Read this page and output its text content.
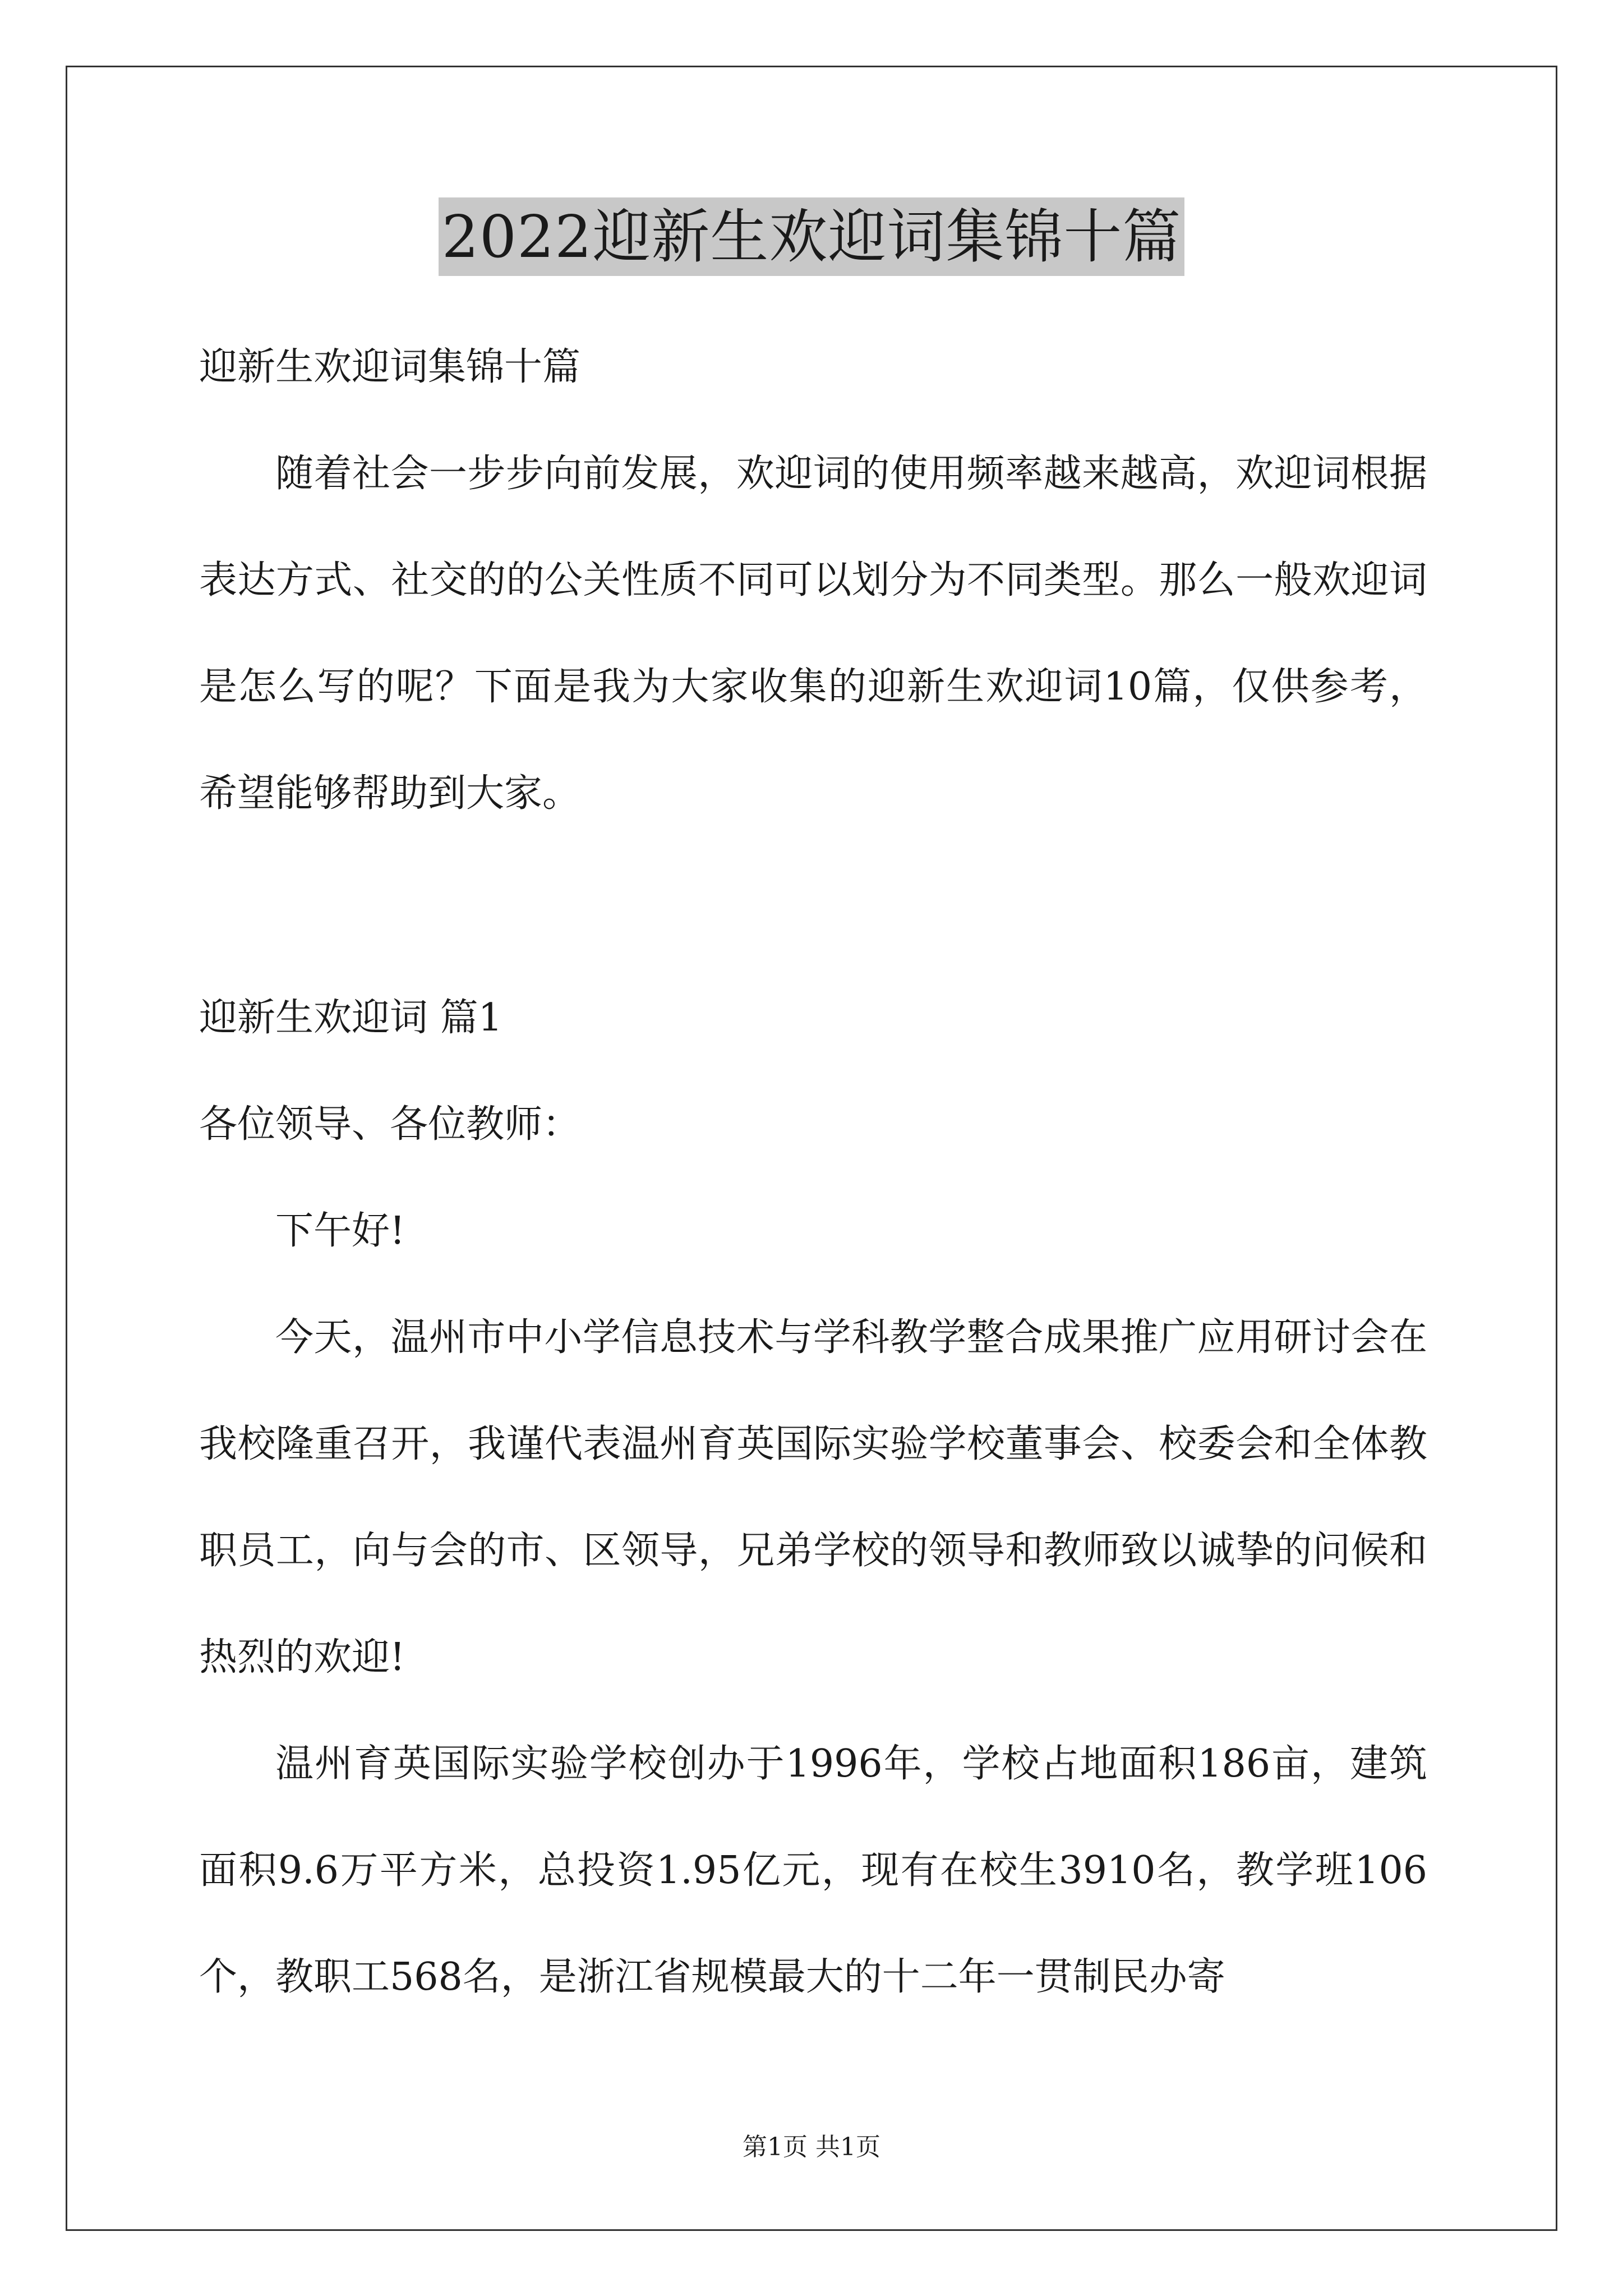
2022迎新生欢迎词集锦十篇

迎新生欢迎词集锦十篇

随着社会一步步向前发展，欢迎词的使用频率越来越高，欢迎词根据表达方式、社交的的公关性质不同可以划分为不同类型。那么一般欢迎词是怎么写的呢？下面是我为大家收集的迎新生欢迎词10篇，仅供参考，希望能够帮助到大家。

迎新生欢迎词 篇1

各位领导、各位教师：

下午好!

今天，温州市中小学信息技术与学科教学整合成果推广应用研讨会在我校隆重召开，我谨代表温州育英国际实验学校董事会、校委会和全体教职员工，向与会的市、区领导，兄弟学校的领导和教师致以诚挚的问候和热烈的欢迎!

温州育英国际实验学校创办于1996年，学校占地面积186亩，建筑面积9.6万平方米，总投资1.95亿元，现有在校生3910名，教学班106个，教职工568名，是浙江省规模最大的十二年一贯制民办寄

第1页 共1页
